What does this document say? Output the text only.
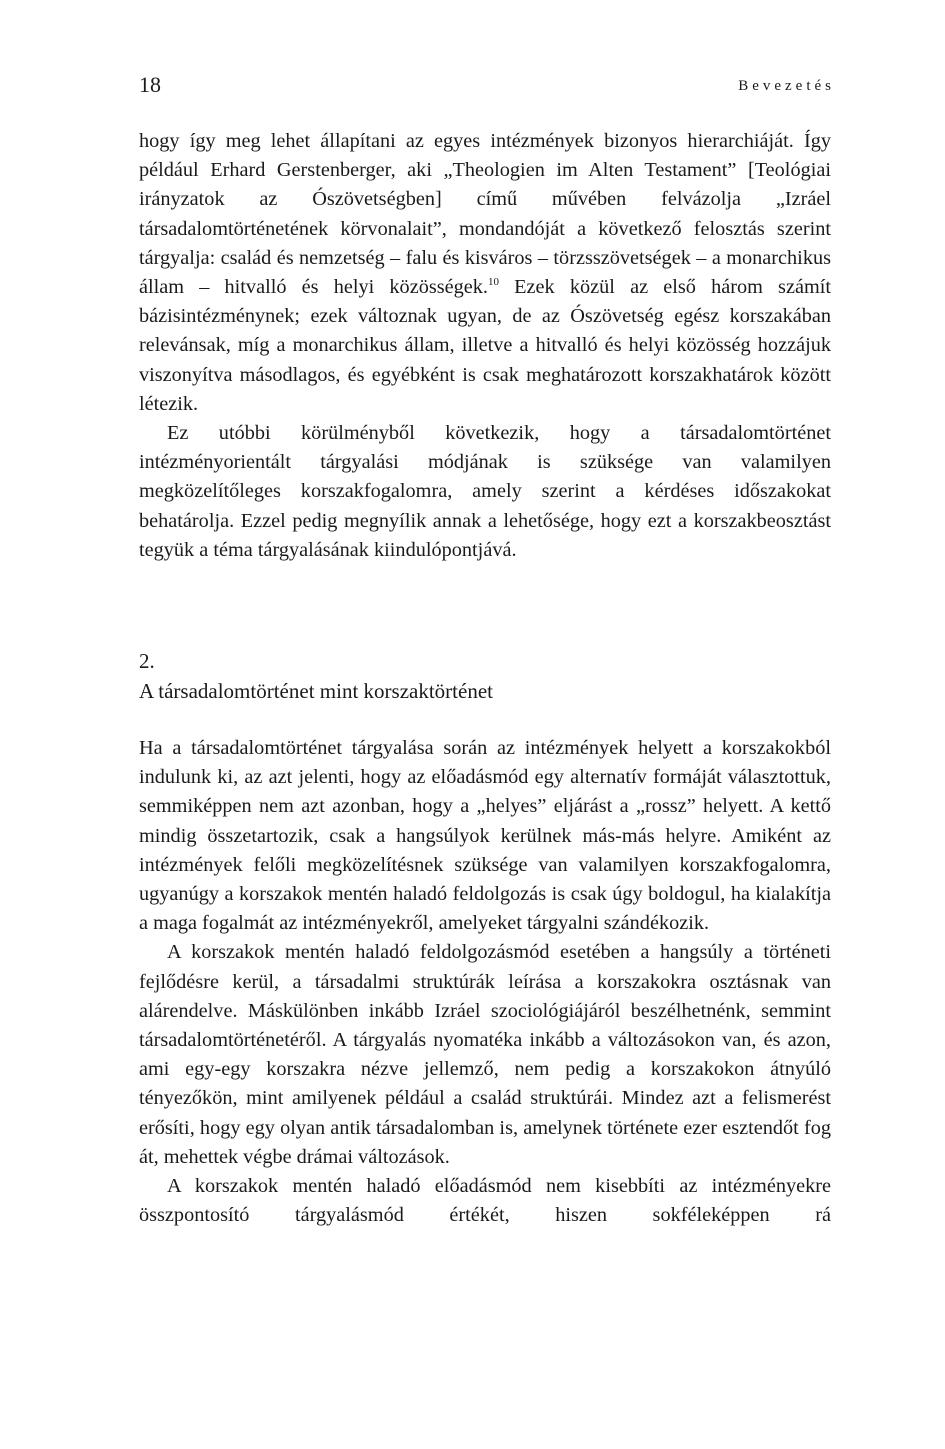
18	Bevezetés

hogy így meg lehet állapítani az egyes intézmények bizonyos hierarchiáját. Így például Erhard Gerstenberger, aki „Theologien im Alten Testament” [Teológiai irányzatok az Ószövetségben] című művében felvázolja „Izráel társadalomtörténetének körvonalait”, mondandóját a következő felosztás szerint tárgyalja: család és nemzetség – falu és kisváros – törzsszövetségek – a monarchikus állam – hitvalló és helyi közösségek.$^{10}$ Ezek közül az első három számít bázisintézménynek; ezek változnak ugyan, de az Ószövetség egész korszakában relevánsak, míg a monarchikus állam, illetve a hitvalló és helyi közösség hozzájuk viszonyítva másodlagos, és egyébként is csak meghatározott korszakhatárok között létezik.

Ez utóbbi körülményből következik, hogy a társadalomtörténet intézményorientált tárgyalási módjának is szüksége van valamilyen megközelítőleges korszakfogalomra, amely szerint a kérdéses időszakokat behatárolja. Ezzel pedig megnyílik annak a lehetősége, hogy ezt a korszakbeosztást tegyük a téma tárgyalásának kiindulópontjává.

2.
A társadalomtörténet mint korszaktörténet

Ha a társadalomtörténet tárgyalása során az intézmények helyett a korszakokból indulunk ki, az azt jelenti, hogy az előadásmód egy alternatív formáját választottuk, semmiképpen nem azt azonban, hogy a „helyes” eljárást a „rossz” helyett. A kettő mindig összetartozik, csak a hangsúlyok kerülnek más-más helyre. Amiként az intézmények felőli megközelítésnek szüksége van valamilyen korszakfogalomra, ugyanúgy a korszakok mentén haladó feldolgozás is csak úgy boldogul, ha kialakítja a maga fogalmát az intézményekről, amelyeket tárgyalni szándékozik.

A korszakok mentén haladó feldolgozásmód esetében a hangsúly a történeti fejlődésre kerül, a társadalmi struktúrák leírása a korszakokra osztásnak van alárendelve. Máskülönben inkább Izráel szociológiájáról beszélhetnénk, semmint társadalomtörténetéről. A tárgyalás nyomatéka inkább a változásokon van, és azon, ami egy-egy korszakra nézve jellemző, nem pedig a korszakokon átnyúló tényezőkön, mint amilyenek például a család struktúrái. Mindez azt a felismerést erősíti, hogy egy olyan antik társadalomban is, amelynek története ezer esztendőt fog át, mehettek végbe drámai változások.

A korszakok mentén haladó előadásmód nem kisebbíti az intézményekre összpontosító tárgyalásmód értékét, hiszen sokféleképpen rá
